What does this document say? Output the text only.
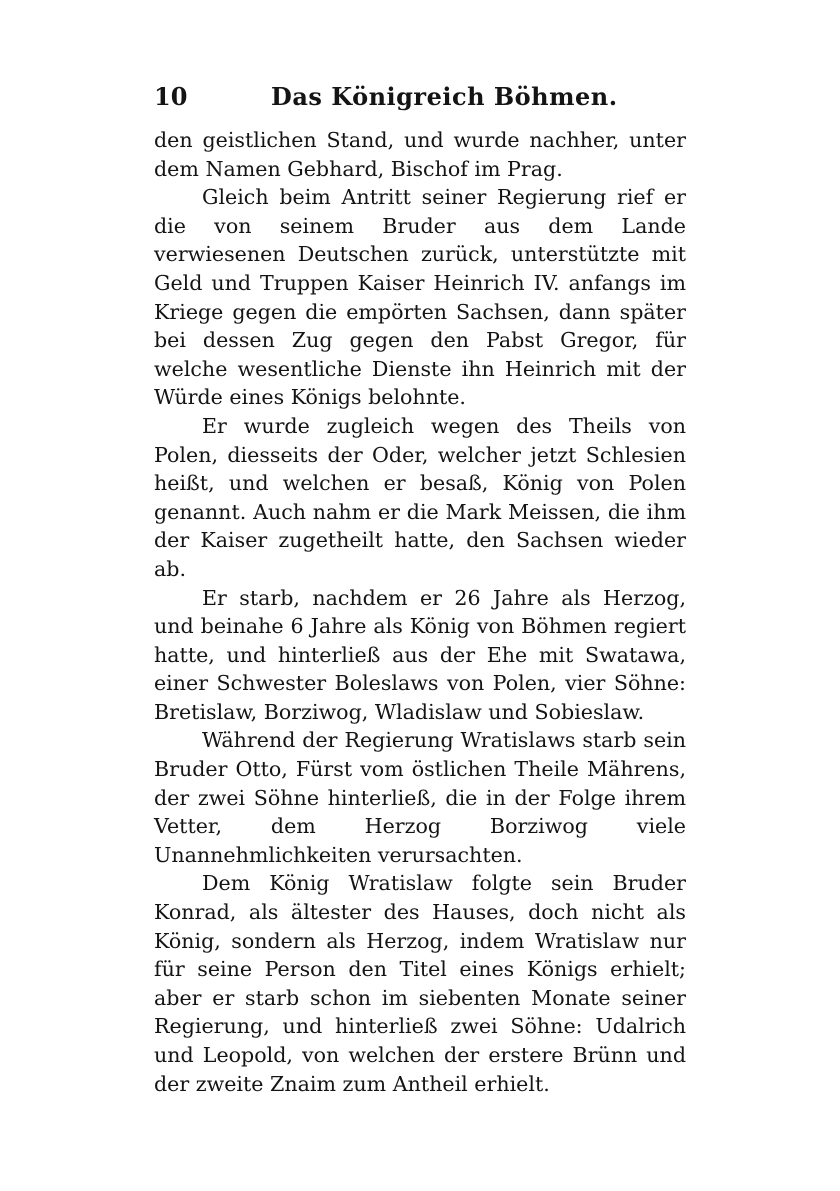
10	Das Königreich Böhmen.

den geistlichen Stand, und wurde nachher, unter dem Namen Gebhard, Bischof im Prag.

Gleich beim Antritt seiner Regierung rief er die von seinem Bruder aus dem Lande verwiesenen Deutschen zurück, unterstützte mit Geld und Truppen Kaiser Heinrich IV. anfangs im Kriege gegen die empörten Sachsen, dann später bei dessen Zug gegen den Pabst Gregor, für welche wesentliche Dienste ihn Heinrich mit der Würde eines Königs belohnte.

Er wurde zugleich wegen des Theils von Polen, diesseits der Oder, welcher jetzt Schlesien heißt, und welchen er besaß, König von Polen genannt. Auch nahm er die Mark Meissen, die ihm der Kaiser zugetheilt hatte, den Sachsen wieder ab.

Er starb, nachdem er 26 Jahre als Herzog, und beinahe 6 Jahre als König von Böhmen regiert hatte, und hinterließ aus der Ehe mit Swatawa, einer Schwester Boleslaws von Polen, vier Söhne: Bretislaw, Borziwog, Wladislaw und Sobieslaw.

Während der Regierung Wratislaws starb sein Bruder Otto, Fürst vom östlichen Theile Mährens, der zwei Söhne hinterließ, die in der Folge ihrem Vetter, dem Herzog Borziwog viele Unannehmlichkeiten verursachten.

Dem König Wratislaw folgte sein Bruder Konrad, als ältester des Hauses, doch nicht als König, sondern als Herzog, indem Wratislaw nur für seine Person den Titel eines Königs erhielt; aber er starb schon im siebenten Monate seiner Regierung, und hinterließ zwei Söhne: Udalrich und Leopold, von welchen der erstere Brünn und der zweite Znaim zum Antheil erhielt.
